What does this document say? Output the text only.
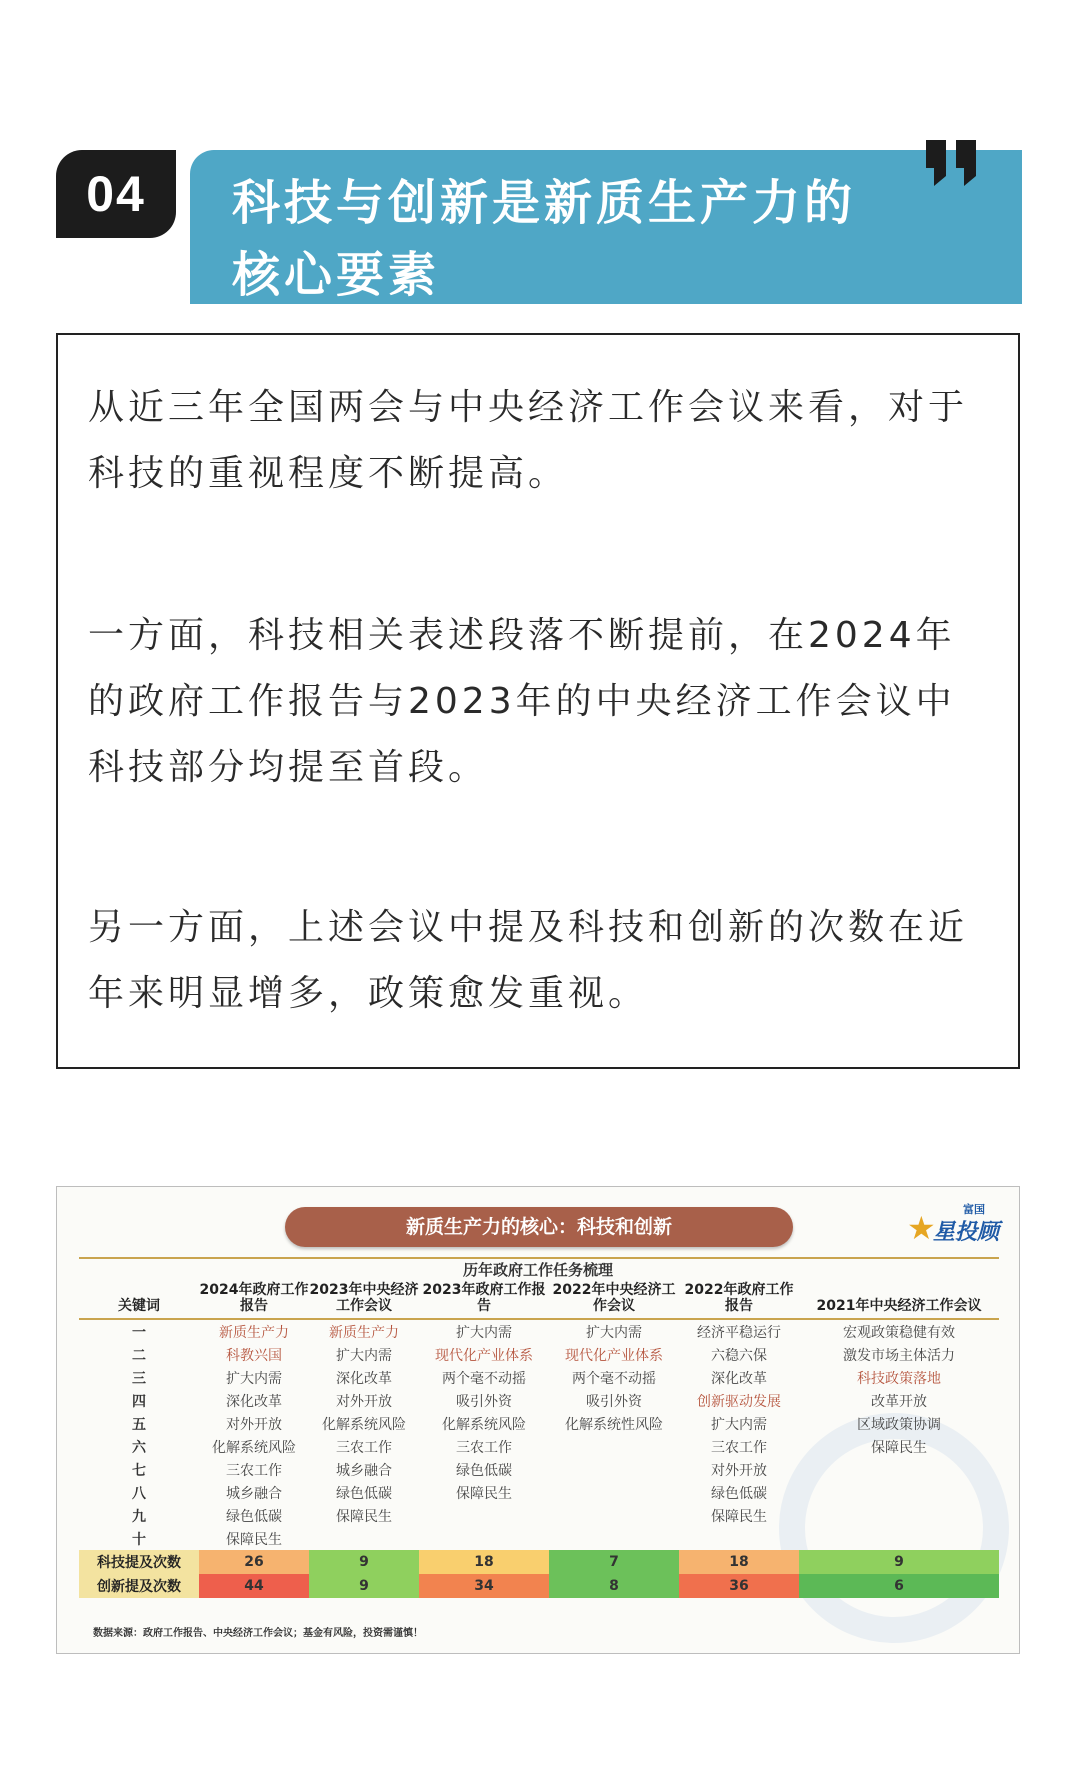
04	科技与创新是新质生产力的
核心要素

从近三年全国两会与中央经济工作会议来看，对于科技的重视程度不断提高。

一方面，科技相关表述段落不断提前，在2024年的政府工作报告与2023年的中央经济工作会议中科技部分均提至首段。

另一方面，上述会议中提及科技和创新的次数在近年来明显增多，政策愈发重视。

新质生产力的核心：科技和创新	★ 富国
星投顾
历年政府工作任务梳理
关键词	2024年政府工作报告	2023年中央经济工作会议	2023年政府工作报告	2022年中央经济工作会议	2022年政府工作报告	2021年中央经济工作会议
一	新质生产力	新质生产力	扩大内需	扩大内需	经济平稳运行	宏观政策稳健有效
二	科教兴国	扩大内需	现代化产业体系	现代化产业体系	六稳六保	激发市场主体活力
三	扩大内需	深化改革	两个毫不动摇	两个毫不动摇	深化改革	科技政策落地
四	深化改革	对外开放	吸引外资	吸引外资	创新驱动发展	改革开放
五	对外开放	化解系统风险	化解系统风险	化解系统性风险	扩大内需	区域政策协调
六	化解系统风险	三农工作	三农工作		三农工作	保障民生
七	三农工作	城乡融合	绿色低碳		对外开放	
八	城乡融合	绿色低碳	保障民生		绿色低碳	
九	绿色低碳	保障民生			保障民生	
十	保障民生					
科技提及次数	26	9	18	7	18	9
创新提及次数	44	9	34	8	36	6
数据来源：政府工作报告、中央经济工作会议；基金有风险，投资需谨慎！
